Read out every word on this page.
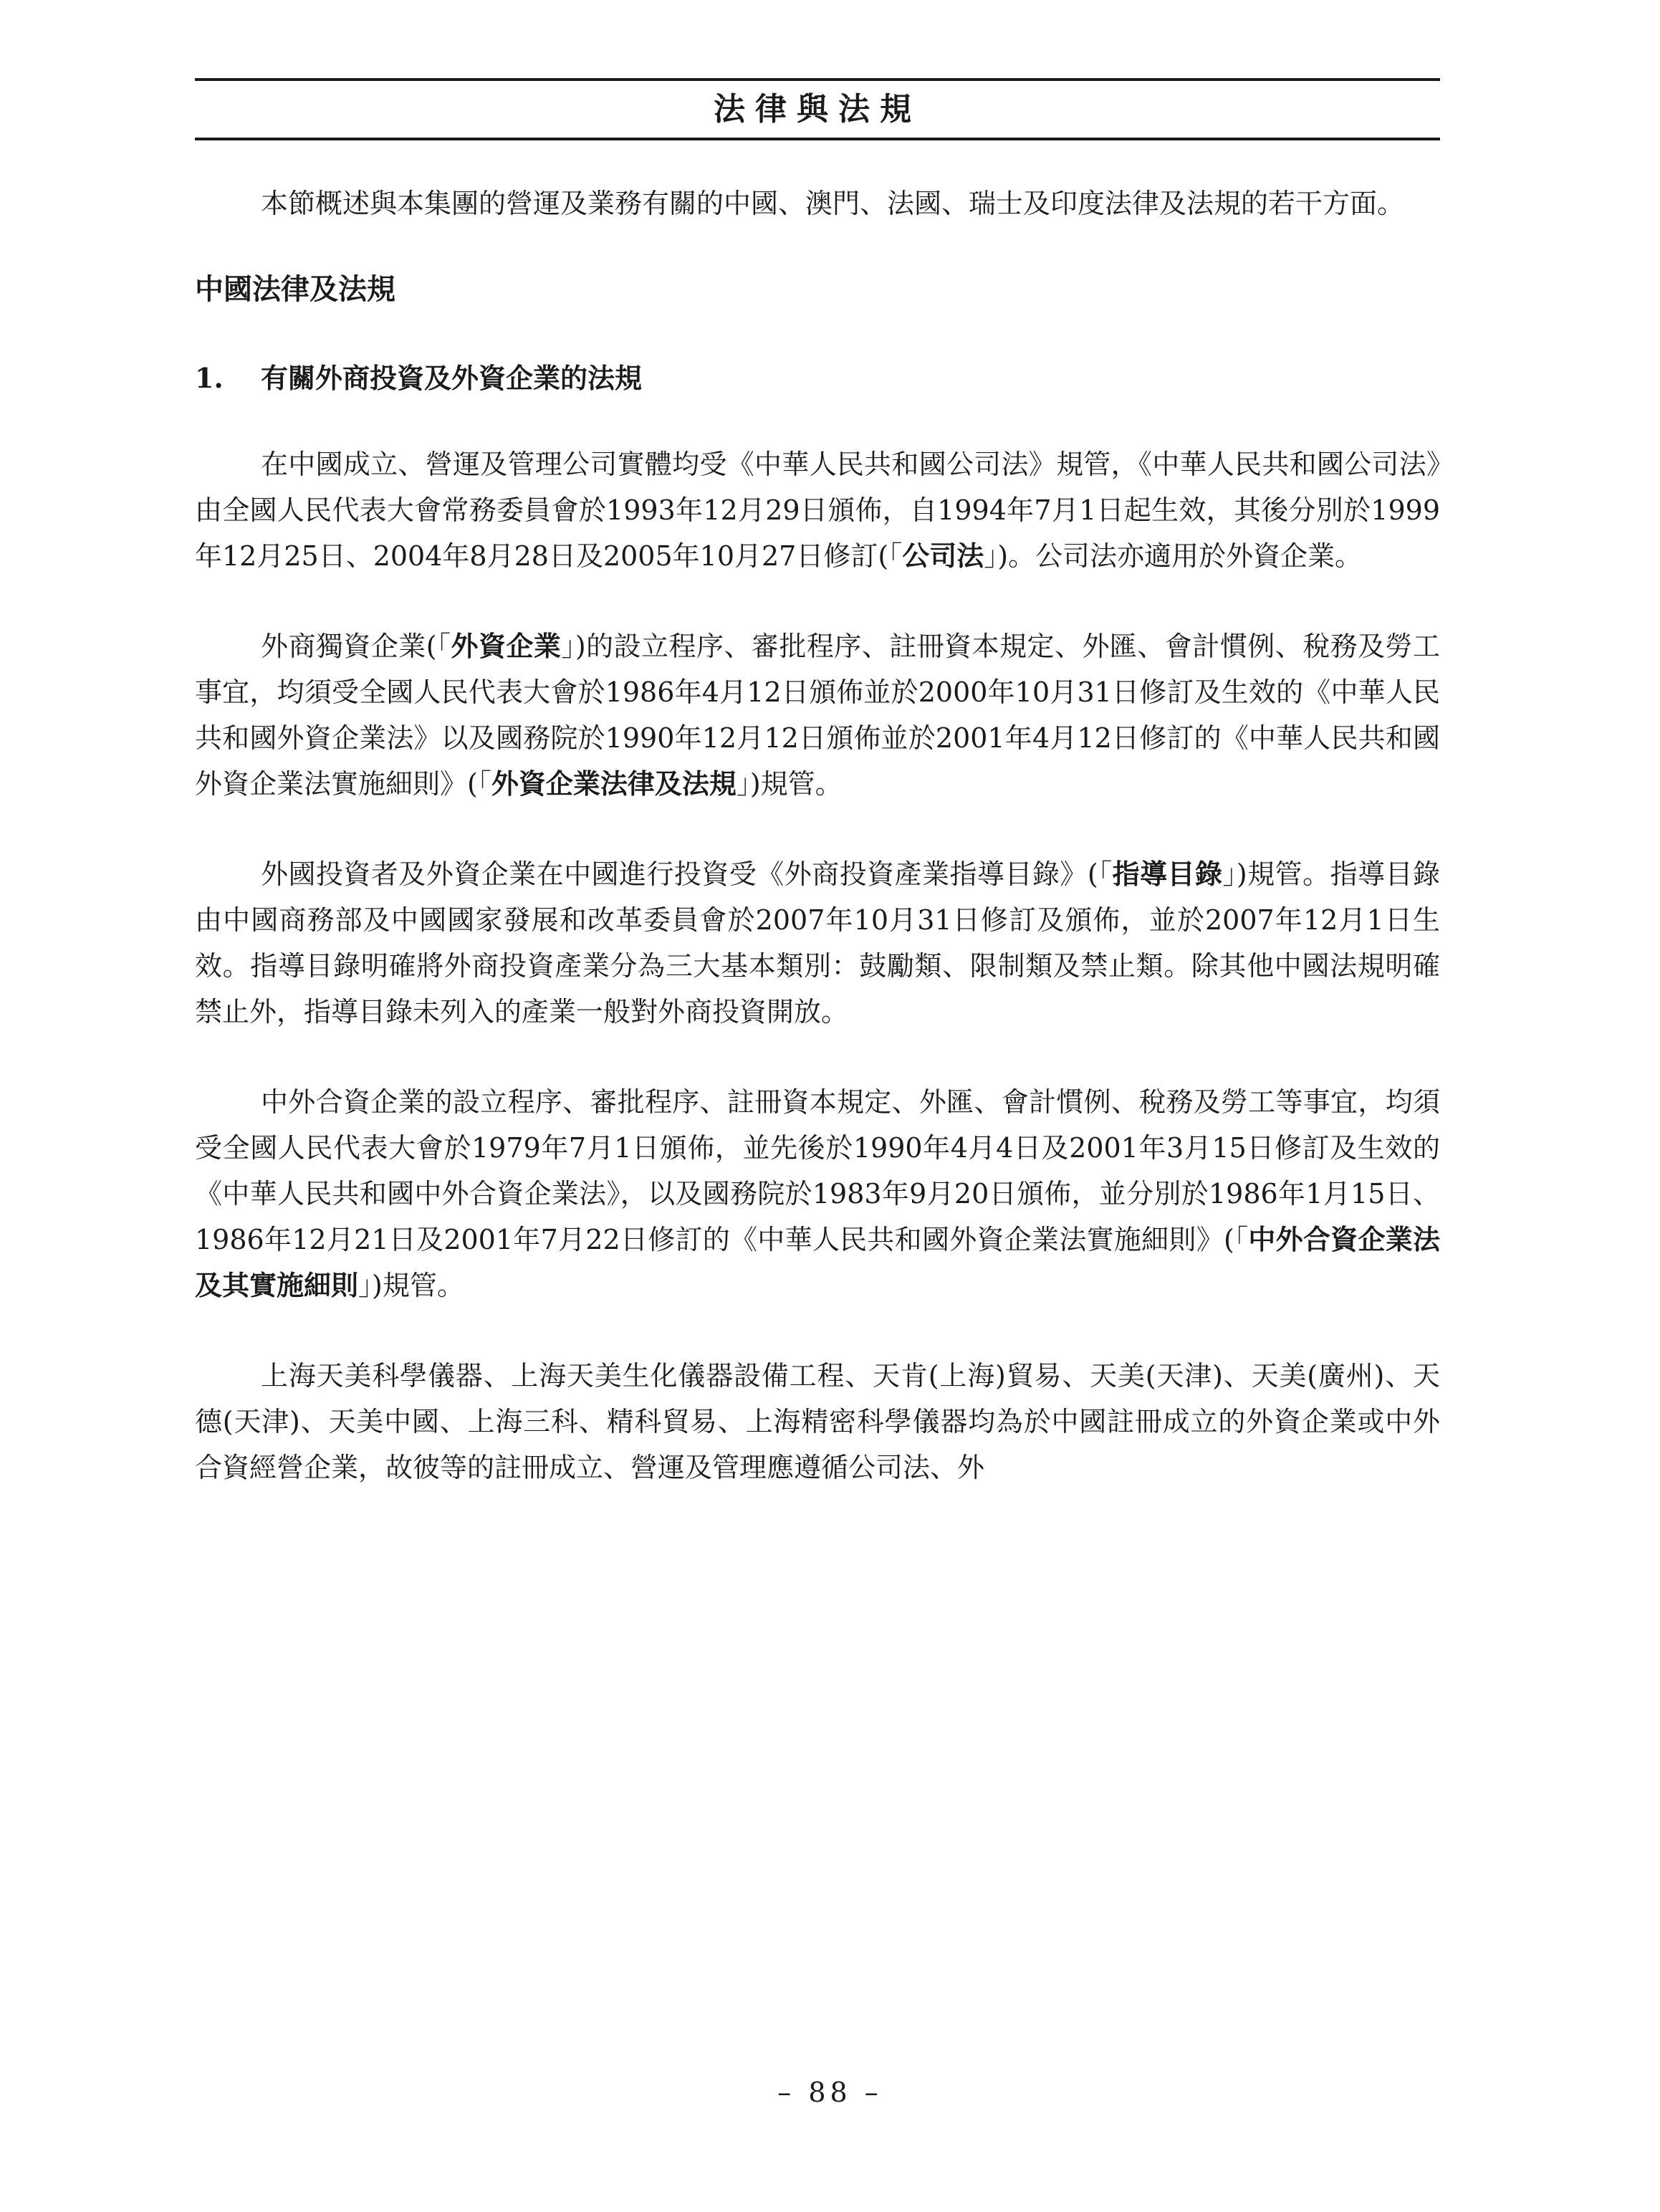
法律與法規

本節概述與本集團的營運及業務有關的中國、澳門、法國、瑞士及印度法律及法規的若干方面。

中國法律及法規
1. 有關外商投資及外資企業的法規

在中國成立、營運及管理公司實體均受《中華人民共和國公司法》規管，《中華人民共和國公司法》由全國人民代表大會常務委員會於1993年12月29日頒佈，自1994年7月1日起生效，其後分別於1999年12月25日、2004年8月28日及2005年10月27日修訂(「公司法」)。公司法亦適用於外資企業。

外商獨資企業(「外資企業」)的設立程序、審批程序、註冊資本規定、外匯、會計慣例、稅務及勞工事宜，均須受全國人民代表大會於1986年4月12日頒佈並於2000年10月31日修訂及生效的《中華人民共和國外資企業法》以及國務院於1990年12月12日頒佈並於2001年4月12日修訂的《中華人民共和國外資企業法實施細則》(「外資企業法律及法規」)規管。

外國投資者及外資企業在中國進行投資受《外商投資產業指導目錄》(「指導目錄」)規管。指導目錄由中國商務部及中國國家發展和改革委員會於2007年10月31日修訂及頒佈，並於2007年12月1日生效。指導目錄明確將外商投資產業分為三大基本類別：鼓勵類、限制類及禁止類。除其他中國法規明確禁止外，指導目錄未列入的產業一般對外商投資開放。

中外合資企業的設立程序、審批程序、註冊資本規定、外匯、會計慣例、稅務及勞工等事宜，均須受全國人民代表大會於1979年7月1日頒佈，並先後於1990年4月4日及2001年3月15日修訂及生效的《中華人民共和國中外合資企業法》，以及國務院於1983年9月20日頒佈，並分別於1986年1月15日、1986年12月21日及2001年7月22日修訂的《中華人民共和國外資企業法實施細則》(「中外合資企業法及其實施細則」)規管。

上海天美科學儀器、上海天美生化儀器設備工程、天肯(上海)貿易、天美(天津)、天美(廣州)、天德(天津)、天美中國、上海三科、精科貿易、上海精密科學儀器均為於中國註冊成立的外資企業或中外合資經營企業，故彼等的註冊成立、營運及管理應遵循公司法、外

– 88 –
